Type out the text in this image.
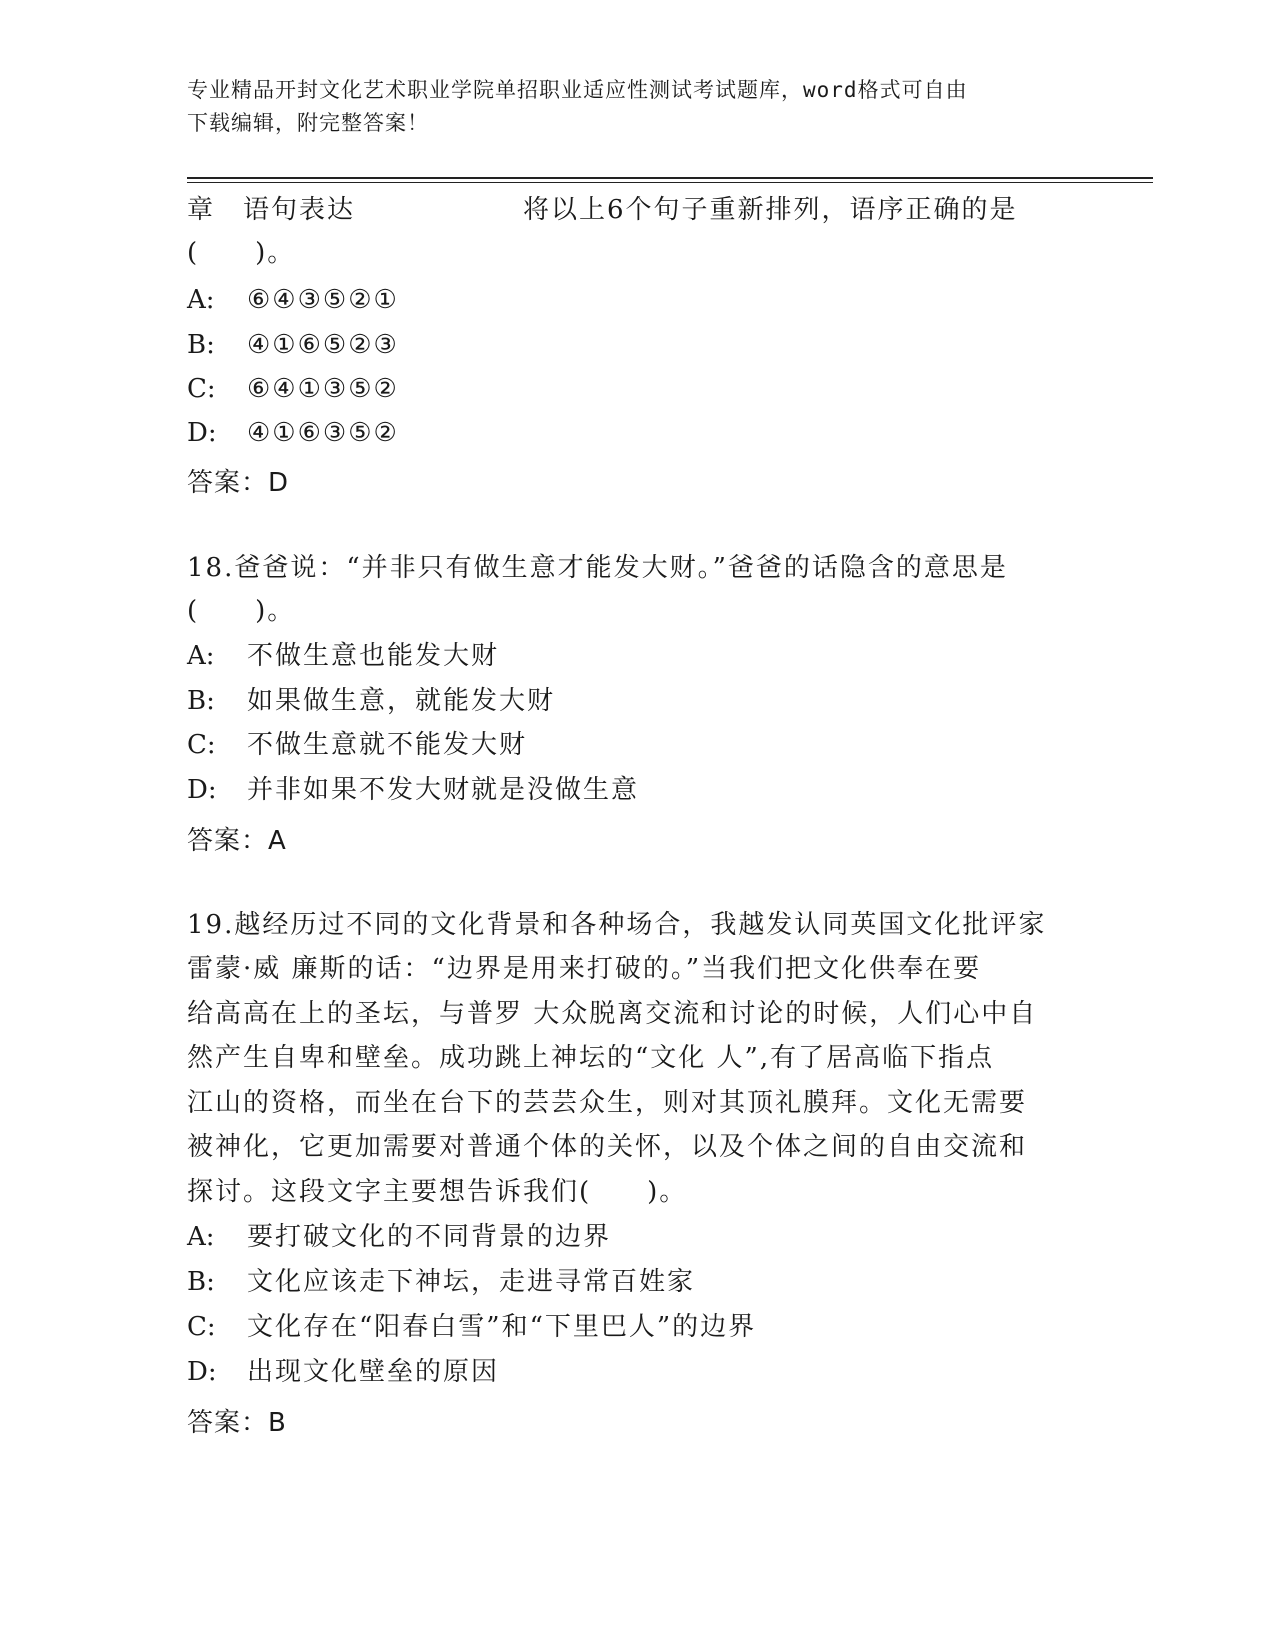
专业精品开封文化艺术职业学院单招职业适应性测试考试题库，word格式可自由
下载编辑，附完整答案！
章　语句表达　　　　　　将以上6个句子重新排列，语序正确的是
(　　)。
A: ⑥④③⑤②①
B: ④①⑥⑤②③
C: ⑥④①③⑤②
D: ④①⑥③⑤②
答案：D
18.爸爸说：“并非只有做生意才能发大财。”爸爸的话隐含的意思是
(　　)。
A: 不做生意也能发大财
B: 如果做生意，就能发大财
C: 不做生意就不能发大财
D: 并非如果不发大财就是没做生意
答案：A
19.越经历过不同的文化背景和各种场合，我越发认同英国文化批评家
雷蒙·威 廉斯的话：“边界是用来打破的。”当我们把文化供奉在要
给高高在上的圣坛，与普罗 大众脱离交流和讨论的时候，人们心中自
然产生自卑和壁垒。成功跳上神坛的“文化 人”,有了居高临下指点
江山的资格，而坐在台下的芸芸众生，则对其顶礼膜拜。文化无需要
被神化，它更加需要对普通个体的关怀，以及个体之间的自由交流和
探讨。这段文字主要想告诉我们(　　)。
A: 要打破文化的不同背景的边界
B: 文化应该走下神坛，走进寻常百姓家
C: 文化存在“阳春白雪”和“下里巴人”的边界
D: 出现文化壁垒的原因
答案：B
